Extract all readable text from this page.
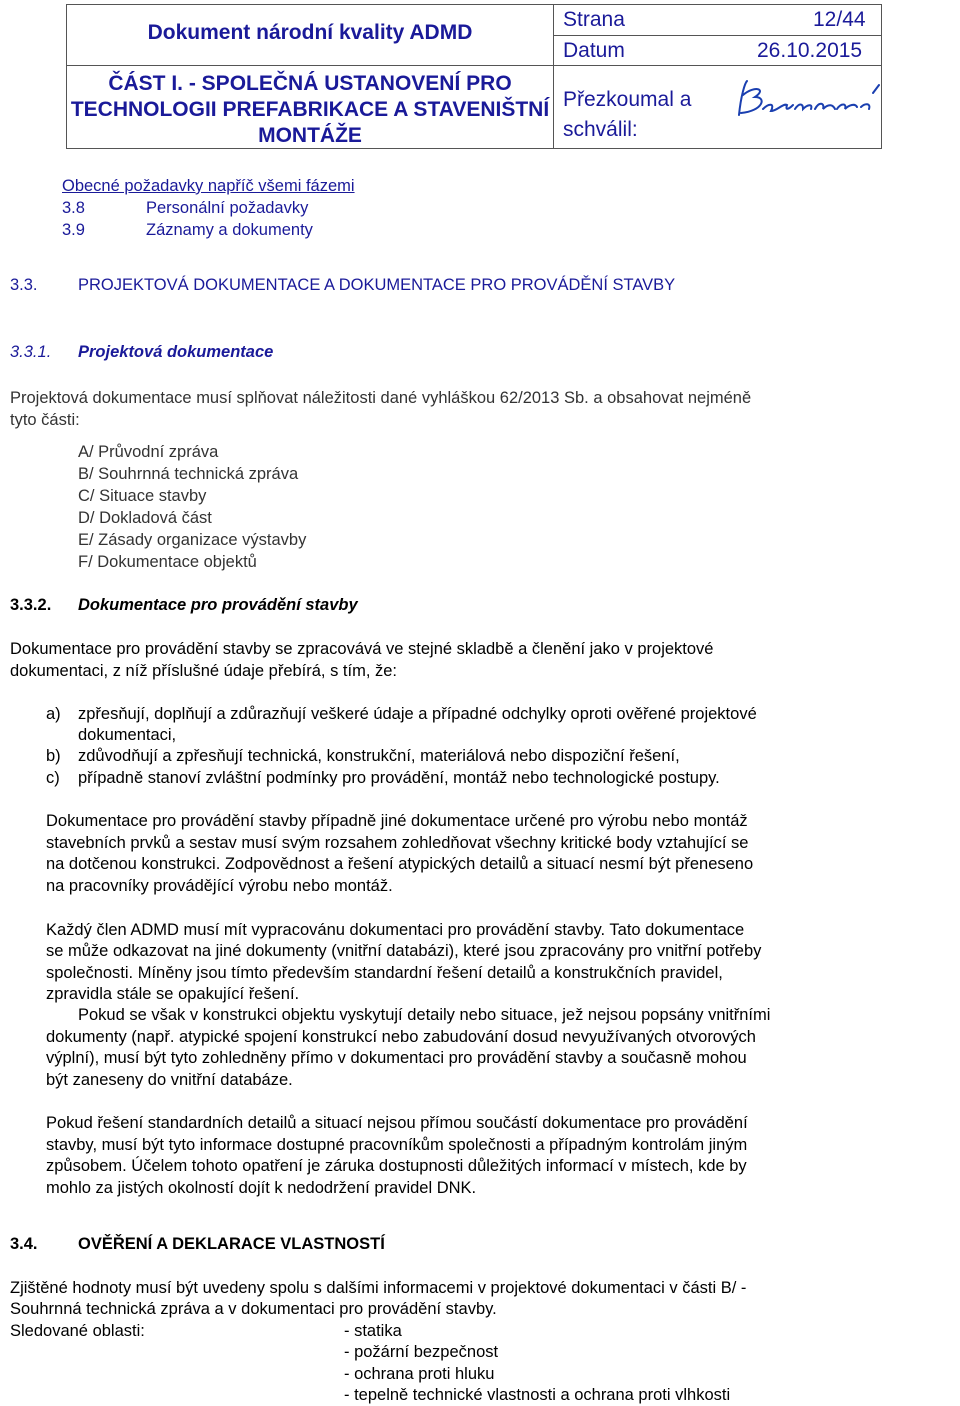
Dokument národní kvality ADMD
ČÁST I. - SPOLEČNÁ USTANOVENÍ PRO
TECHNOLOGII PREFABRIKACE A STAVENIŠTNÍ
MONTÁŽE
Strana	12/44
Datum	26.10.2015
Přezkoumal a
schválil:
Obecné požadavky napříč všemi fázemi
3.8	Personální požadavky
3.9	Záznamy a dokumenty
3.3. PROJEKTOVÁ DOKUMENTACE A DOKUMENTACE PRO PROVÁDĚNÍ STAVBY
3.3.1. Projektová dokumentace
Projektová dokumentace musí splňovat náležitosti dané vyhláškou 62/2013 Sb. a obsahovat nejméně
tyto části:
A/ Průvodní zpráva
B/ Souhrnná technická zpráva
C/ Situace stavby
D/ Dokladová část
E/ Zásady organizace výstavby
F/ Dokumentace objektů
3.3.2. Dokumentace pro provádění stavby
Dokumentace pro provádění stavby se zpracovává ve stejné skladbě a členění jako v projektové
dokumentaci, z níž příslušné údaje přebírá, s tím, že:
a) zpřesňují, doplňují a zdůrazňují veškeré údaje a případné odchylky oproti ověřené projektové
dokumentaci,
b) zdůvodňují a zpřesňují technická, konstrukční, materiálová nebo dispoziční řešení,
c) případně stanoví zvláštní podmínky pro provádění, montáž nebo technologické postupy.
Dokumentace pro provádění stavby případně jiné dokumentace určené pro výrobu nebo montáž
stavebních prvků a sestav musí svým rozsahem zohledňovat všechny kritické body vztahující se
na dotčenou konstrukci. Zodpovědnost a řešení atypických detailů a situací nesmí být přeneseno
na pracovníky provádějící výrobu nebo montáž.
Každý člen ADMD musí mít vypracovánu dokumentaci pro provádění stavby. Tato dokumentace
se může odkazovat na jiné dokumenty (vnitřní databázi), které jsou zpracovány pro vnitřní potřeby
společnosti. Míněny jsou tímto především standardní řešení detailů a konstrukčních pravidel,
zpravidla stále se opakující řešení.
Pokud se však v konstrukci objektu vyskytují detaily nebo situace, jež nejsou popsány vnitřními
dokumenty (např. atypické spojení konstrukcí nebo zabudování dosud nevyužívaných otvorových
výplní), musí být tyto zohledněny přímo v dokumentaci pro provádění stavby a současně mohou
být zaneseny do vnitřní databáze.
Pokud řešení standardních detailů a situací nejsou přímou součástí dokumentace pro provádění
stavby, musí být tyto informace dostupné pracovníkům společnosti a případným kontrolám jiným
způsobem. Účelem tohoto opatření je záruka dostupnosti důležitých informací v místech, kde by
mohlo za jistých okolností dojít k nedodržení pravidel DNK.
3.4. OVĚŘENÍ A DEKLARACE VLASTNOSTÍ
Zjištěné hodnoty musí být uvedeny spolu s dalšími informacemi v projektové dokumentaci v části B/ -
Souhrnná technická zpráva a v dokumentaci pro provádění stavby.
Sledované oblasti:	- statika
- požární bezpečnost
- ochrana proti hluku
- tepelně technické vlastnosti a ochrana proti vlhkosti
